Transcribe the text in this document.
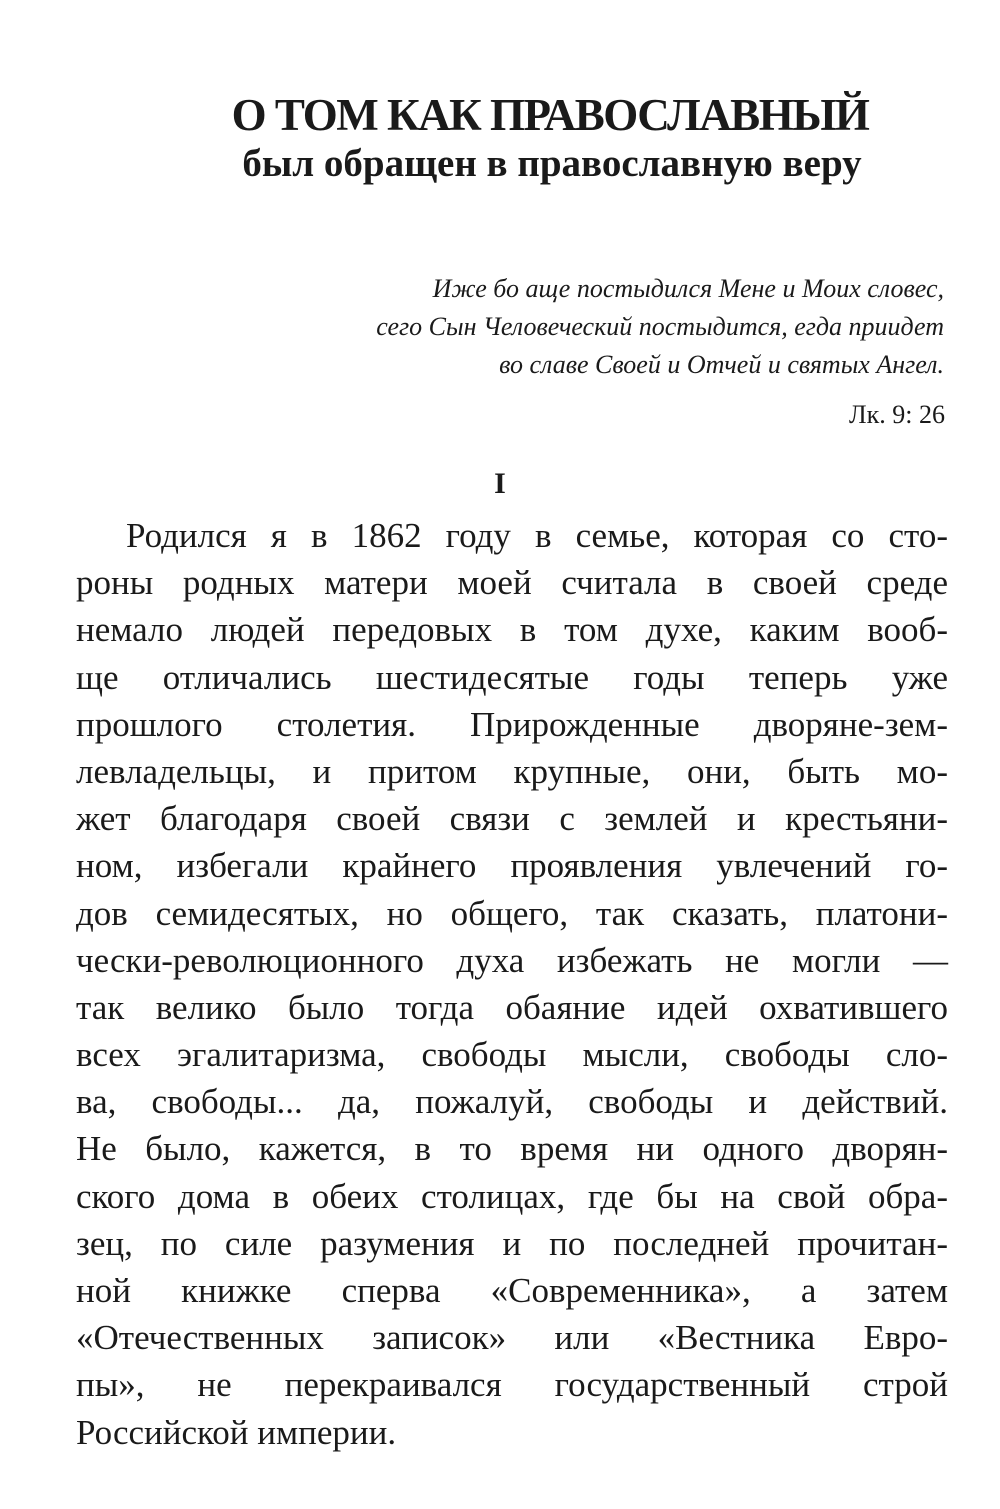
О ТОМ КАК ПРАВОСЛАВНЫЙ
был обращен в православную веру
Иже бо аще постыдился Мене и Моих словес,
сего Сын Человеческий постыдится, егда приидет
во славе Своей и Отчей и святых Ангел.
Лк. 9: 26
I
Родился я в 1862 году в семье, которая со сто-
роны родных матери моей считала в своей среде
немало людей передовых в том духе, каким вооб-
ще отличались шестидесятые годы теперь уже
прошлого столетия. Прирожденные дворяне-зем-
левладельцы, и притом крупные, они, быть мо-
жет благодаря своей связи с землей и крестьяни-
ном, избегали крайнего проявления увлечений го-
дов семидесятых, но общего, так сказать, платони-
чески-революционного духа избежать не могли —
так велико было тогда обаяние идей охватившего
всех эгалитаризма, свободы мысли, свободы сло-
ва, свободы... да, пожалуй, свободы и действий.
Не было, кажется, в то время ни одного дворян-
ского дома в обеих столицах, где бы на свой обра-
зец, по силе разумения и по последней прочитан-
ной книжке сперва «Современника», а затем
«Отечественных записок» или «Вестника Евро-
пы», не перекраивался государственный строй
Российской империи.
